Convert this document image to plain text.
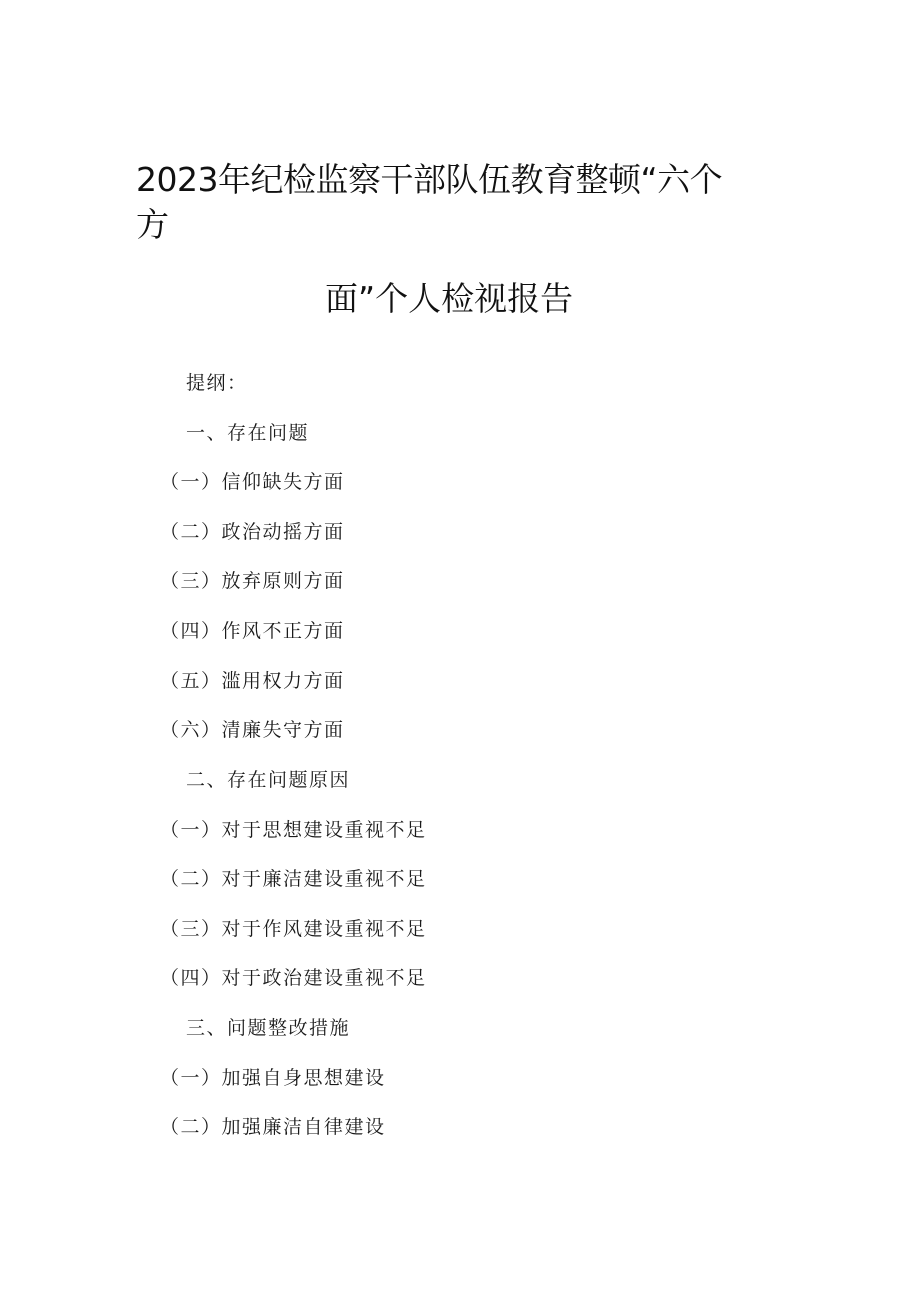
2023年纪检监察干部队伍教育整顿“六个
方
面”个人检视报告
提纲：
一、存在问题
（一）信仰缺失方面
（二）政治动摇方面
（三）放弃原则方面
（四）作风不正方面
（五）滥用权力方面
（六）清廉失守方面
二、存在问题原因
（一）对于思想建设重视不足
（二）对于廉洁建设重视不足
（三）对于作风建设重视不足
（四）对于政治建设重视不足
三、问题整改措施
（一）加强自身思想建设
（二）加强廉洁自律建设
